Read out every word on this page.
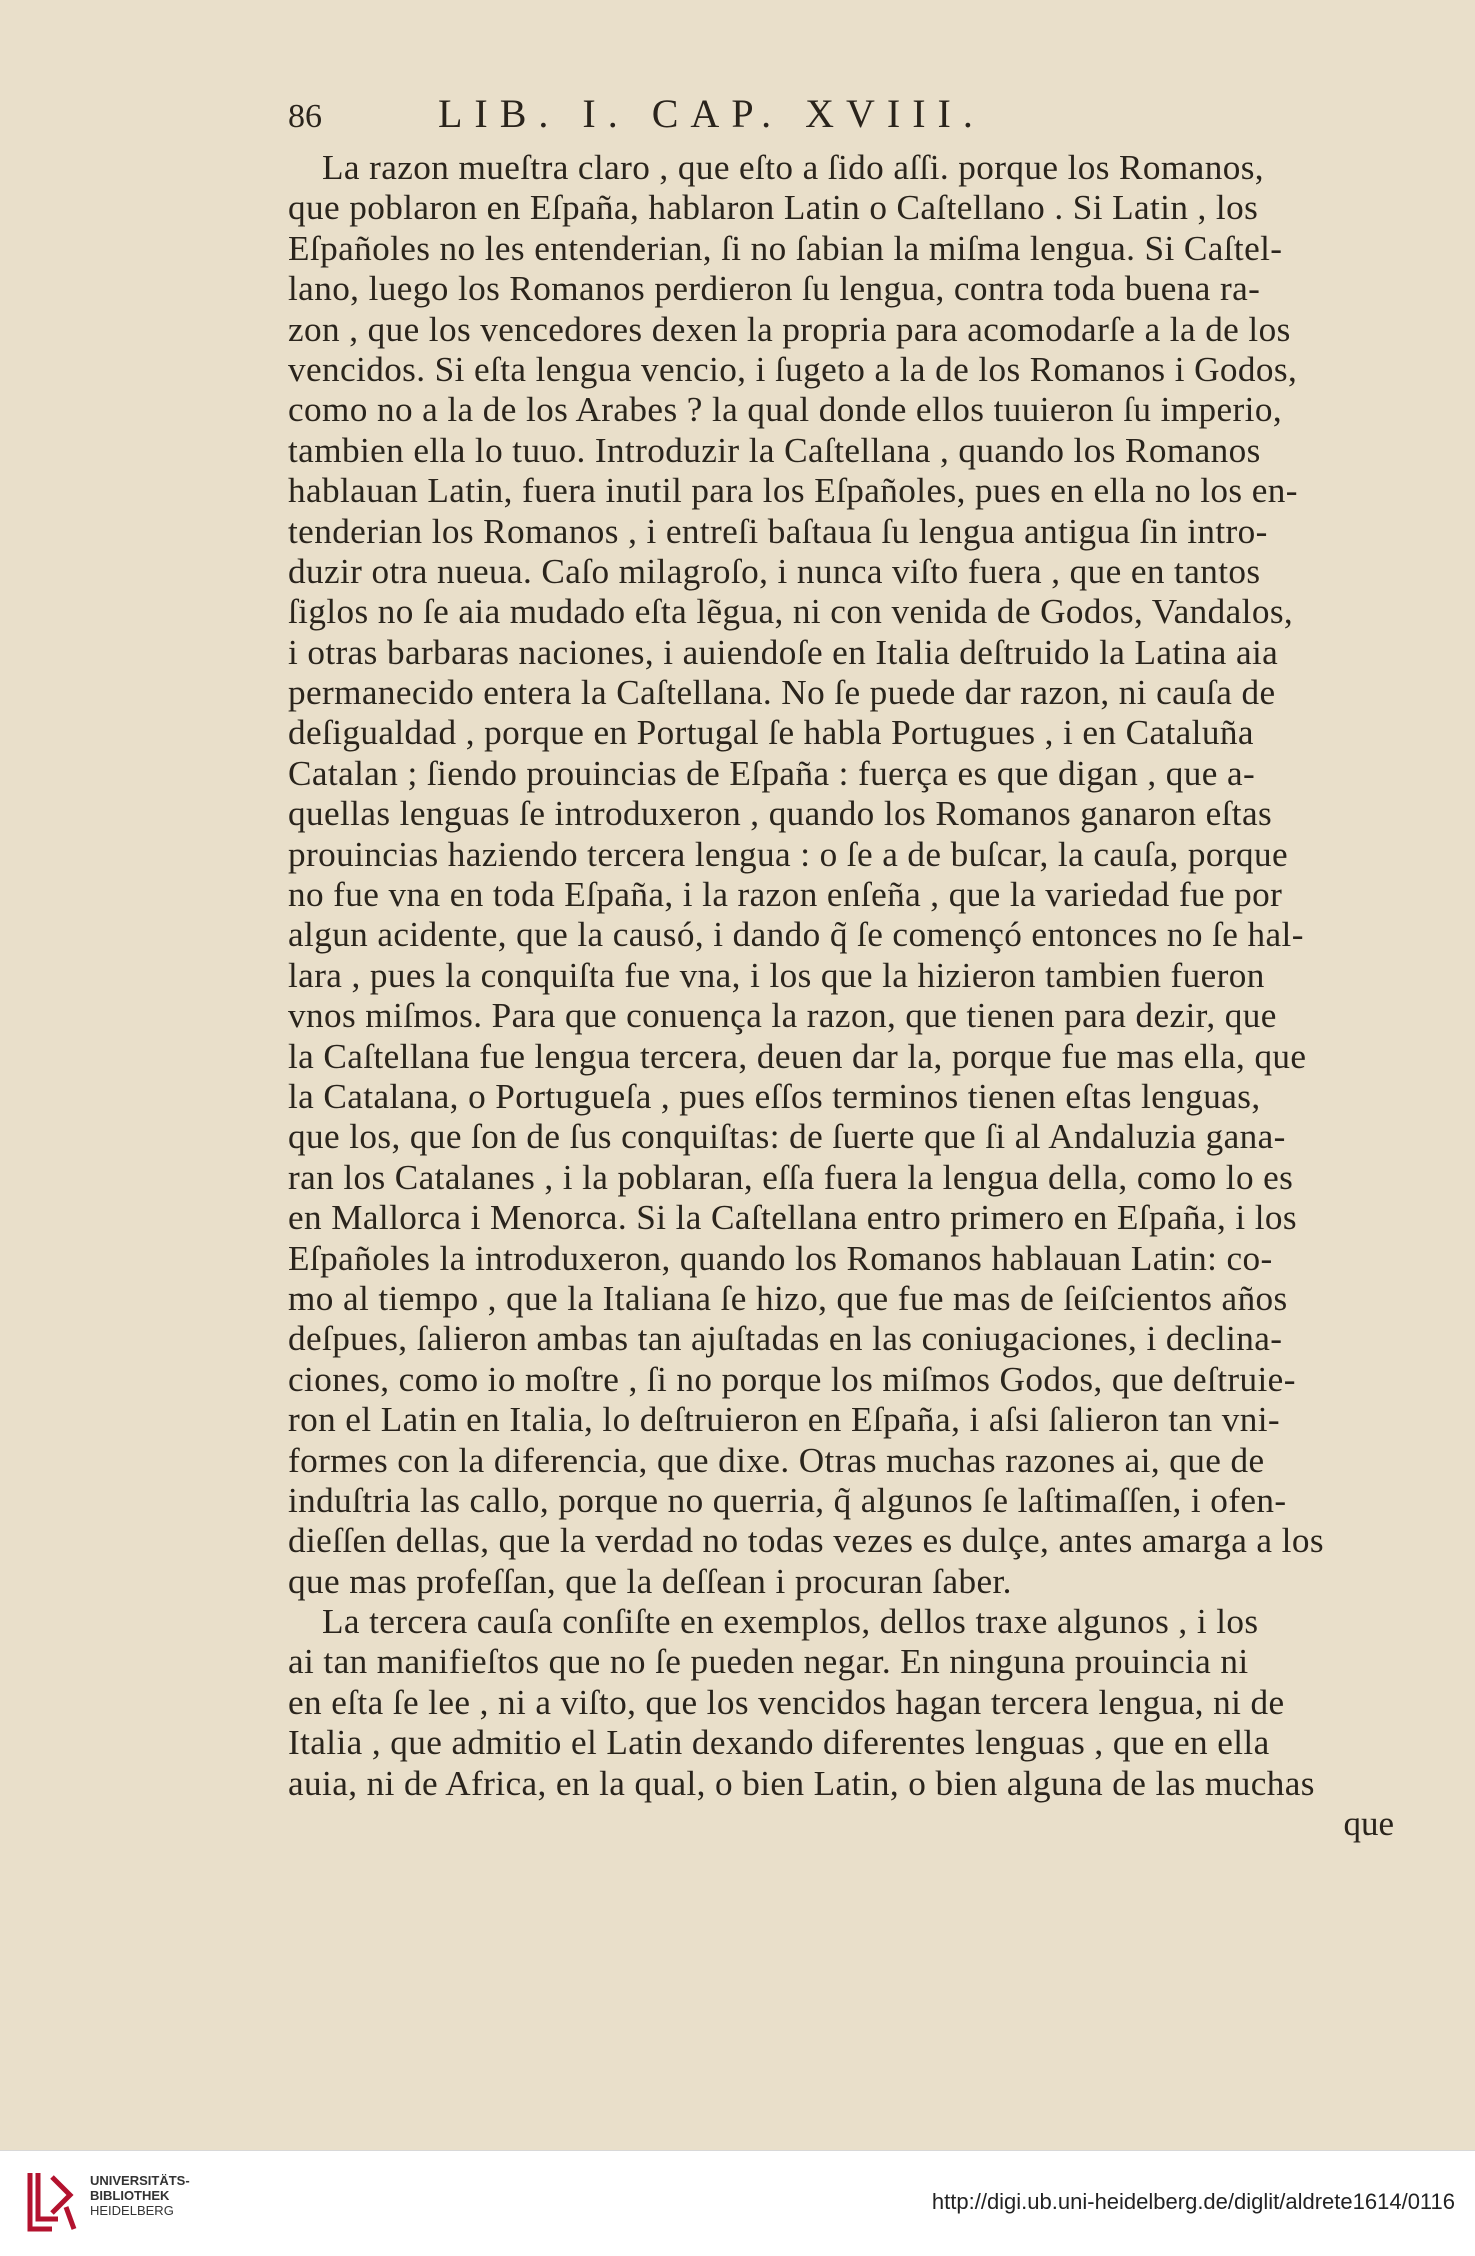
86	LIB. I. CAP. XVIII.
La razon mueſtra claro , que eſto a ſido aſſi. porque los Romanos,
que poblaron en Eſpaña, hablaron Latin o Caſtellano . Si Latin , los
Eſpañoles no les entenderian, ſi no ſabian la miſma lengua. Si Caſtel-
lano, luego los Romanos perdieron ſu lengua, contra toda buena ra-
zon , que los vencedores dexen la propria para acomodarſe a la de los
vencidos. Si eſta lengua vencio, i ſugeto a la de los Romanos i Godos,
como no a la de los Arabes ? la qual donde ellos tuuieron ſu imperio,
tambien ella lo tuuo. Introduzir la Caſtellana , quando los Romanos
hablauan Latin, fuera inutil para los Eſpañoles, pues en ella no los en-
tenderian los Romanos , i entreſi baſtaua ſu lengua antigua ſin intro-
duzir otra nueua. Caſo milagroſo, i nunca viſto fuera , que en tantos
ſiglos no ſe aia mudado eſta lẽgua, ni con venida de Godos, Vandalos,
i otras barbaras naciones, i auiendoſe en Italia deſtruido la Latina aia
permanecido entera la Caſtellana. No ſe puede dar razon, ni cauſa de
deſigualdad , porque en Portugal ſe habla Portugues , i en Cataluña
Catalan ; ſiendo prouincias de Eſpaña : fuerça es que digan , que a-
quellas lenguas ſe introduxeron , quando los Romanos ganaron eſtas
prouincias haziendo tercera lengua : o ſe a de buſcar, la cauſa, porque
no fue vna en toda Eſpaña, i la razon enſeña , que la variedad fue por
algun acidente, que la causó, i dando q̃ ſe començó entonces no ſe hal-
lara , pues la conquiſta fue vna, i los que la hizieron tambien fueron
vnos miſmos. Para que conuença la razon, que tienen para dezir, que
la Caſtellana fue lengua tercera, deuen dar la, porque fue mas ella, que
la Catalana, o Portugueſa , pues eſſos terminos tienen eſtas lenguas,
que los, que ſon de ſus conquiſtas: de ſuerte que ſi al Andaluzia gana-
ran los Catalanes , i la poblaran, eſſa fuera la lengua della, como lo es
en Mallorca i Menorca. Si la Caſtellana entro primero en Eſpaña, i los
Eſpañoles la introduxeron, quando los Romanos hablauan Latin: co-
mo al tiempo , que la Italiana ſe hizo, que fue mas de ſeiſcientos años
deſpues, ſalieron ambas tan ajuſtadas en las coniugaciones, i declina-
ciones, como io moſtre , ſi no porque los miſmos Godos, que deſtruie-
ron el Latin en Italia, lo deſtruieron en Eſpaña, i aſsi ſalieron tan vni-
formes con la diferencia, que dixe. Otras muchas razones ai, que de
induſtria las callo, porque no querria, q̃ algunos ſe laſtimaſſen, i ofen-
dieſſen dellas, que la verdad no todas vezes es dulçe, antes amarga a los
que mas profeſſan, que la deſſean i procuran ſaber.
La tercera cauſa conſiſte en exemplos, dellos traxe algunos , i los
ai tan manifieſtos que no ſe pueden negar. En ninguna prouincia ni
en eſta ſe lee , ni a viſto, que los vencidos hagan tercera lengua, ni de
Italia , que admitio el Latin dexando diferentes lenguas , que en ella
auia, ni de Africa, en la qual, o bien Latin, o bien alguna de las muchas
que
UNIVERSITÄTS-
BIBLIOTHEK
HEIDELBERG	http://digi.ub.uni-heidelberg.de/diglit/aldrete1614/0116
